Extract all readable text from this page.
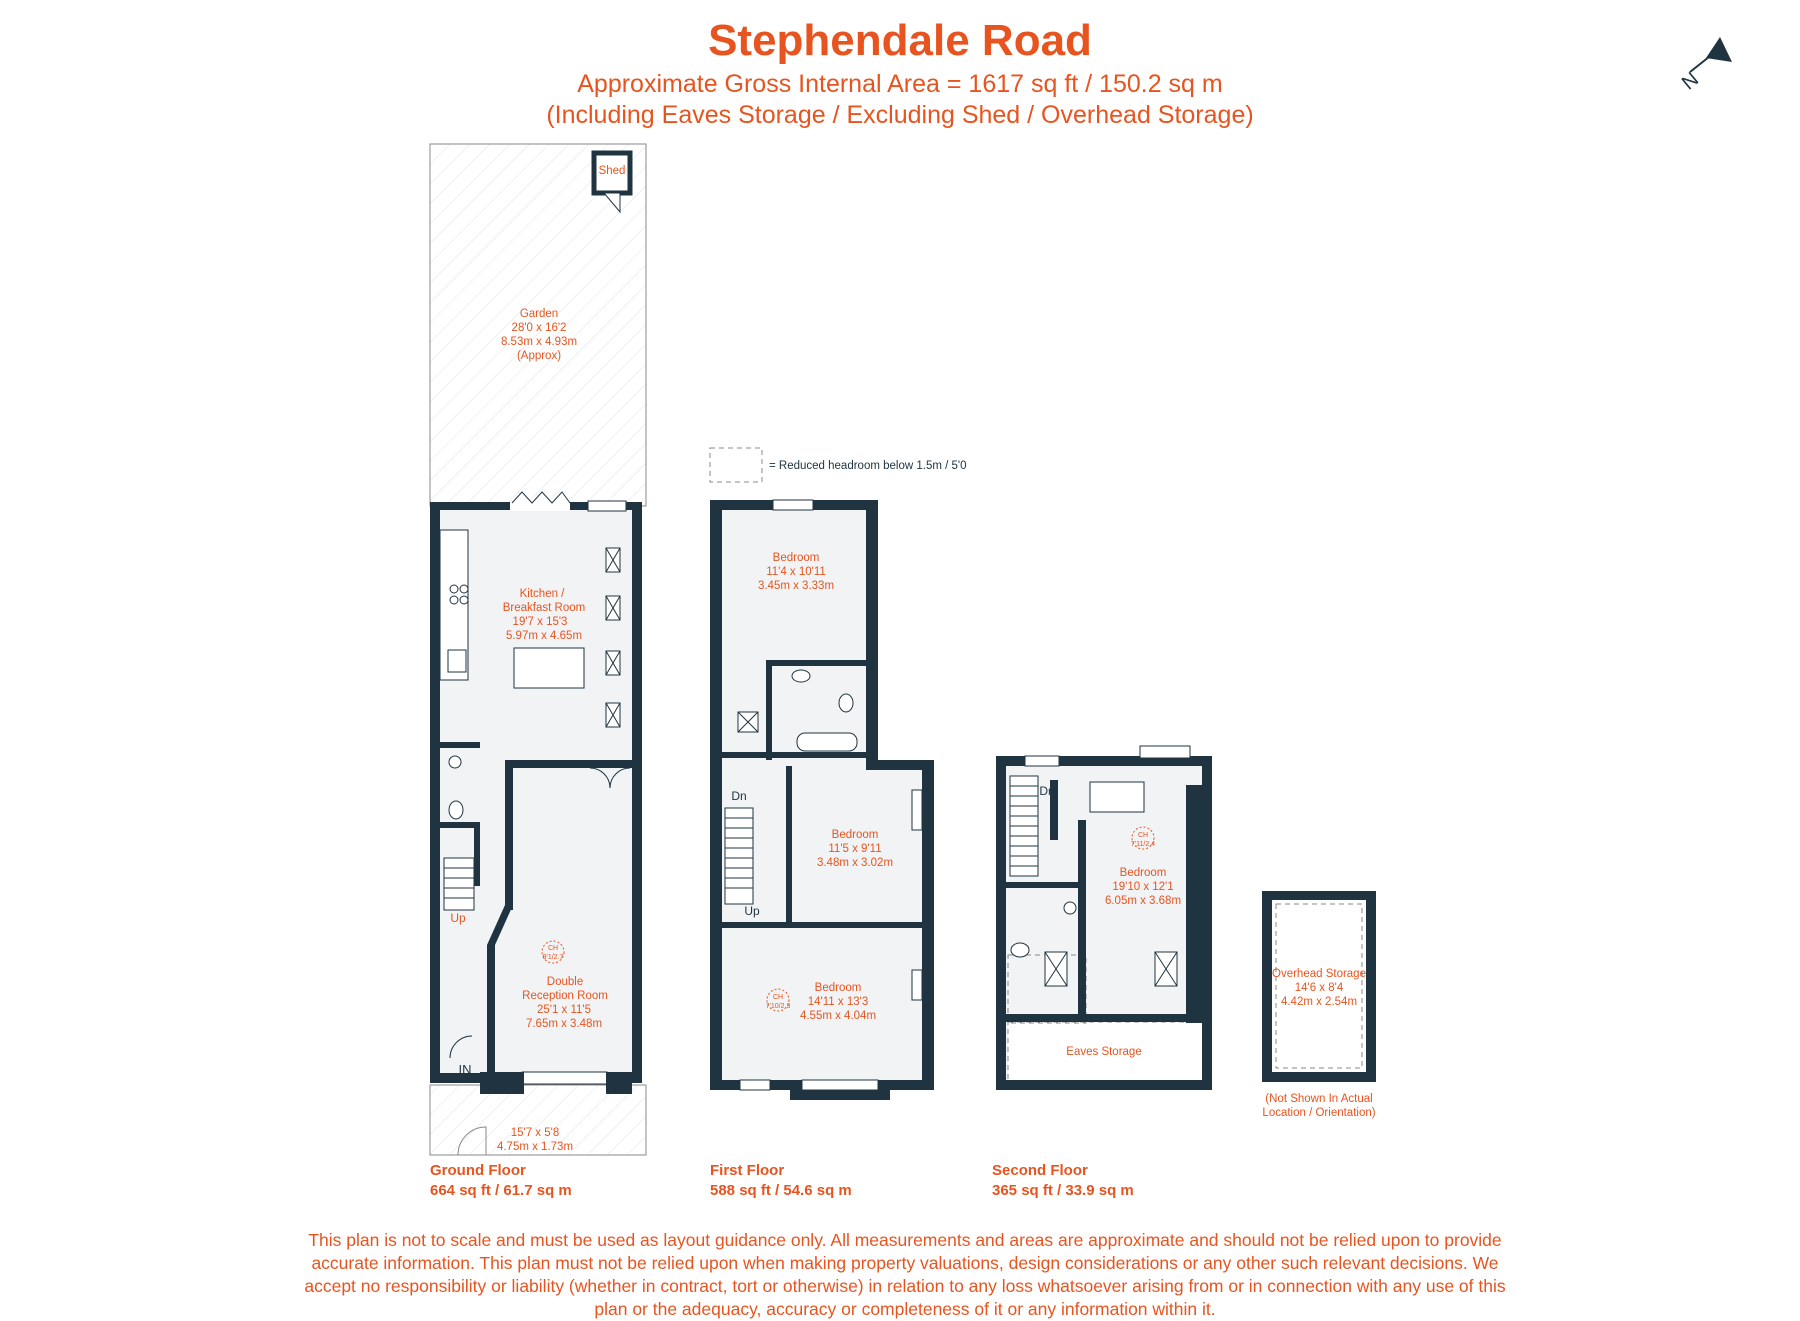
Stephendale Road
Approximate Gross Internal Area = 1617 sq ft / 150.2 sq m
(Including Eaves Storage / Excluding Shed / Overhead Storage)
N
Shed
Garden
28'0 x 16'2
8.53m x 4.93m
(Approx)
Kitchen /
Breakfast Room
19'7 x 15'3
5.97m x 4.65m
Double
Reception Room
25'1 x 11'5
7.65m x 3.48m
CH
9'1/2.7
15'7 x 5'8
4.75m x 1.73m
IN
Up
= Reduced headroom below 1.5m / 5'0
Bedroom
11'4 x 10'11
3.45m x 3.33m
Bedroom
11'5 x 9'11
3.48m x 3.02m
Bedroom
14'11 x 13'3
4.55m x 4.04m
CH
7'10/2.3
Dn
Up
Bedroom
19'10 x 12'1
6.05m x 3.68m
CH
7'11/2.4
Eaves Storage
Dn
Overhead Storage
14'6 x 8'4
4.42m x 2.54m
(Not Shown In Actual
Location / Orientation)
Ground Floor
664 sq ft / 61.7 sq m
First Floor
588 sq ft / 54.6 sq m
Second Floor
365 sq ft / 33.9 sq m
This plan is not to scale and must be used as layout guidance only. All measurements and areas are approximate and should not be relied upon to provide accurate information. This plan must not be relied upon when making property valuations, design considerations or any other such relevant decisions. We accept no responsibility or liability (whether in contract, tort or otherwise) in relation to any loss whatsoever arising from or in connection with any use of this plan or the adequacy, accuracy or completeness of it or any information within it.
